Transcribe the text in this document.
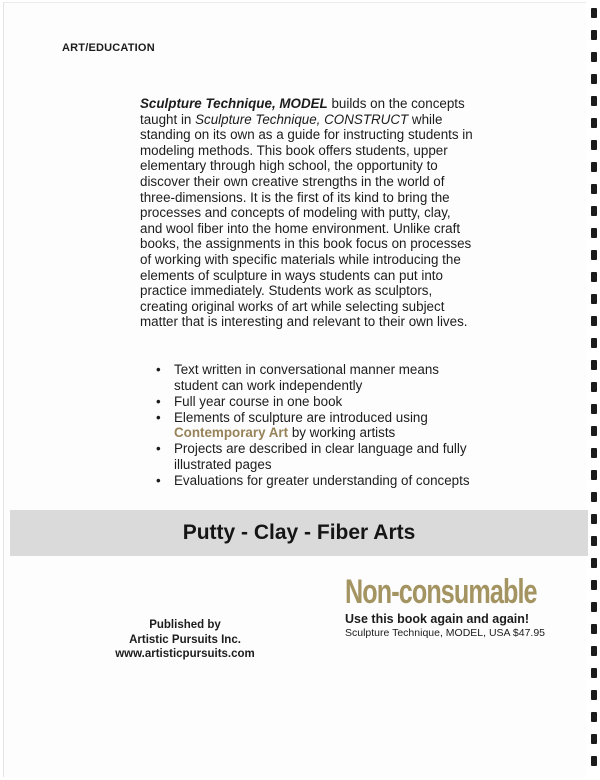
ART/EDUCATION

Sculpture Technique, MODEL builds on the concepts taught in Sculpture Technique, CONSTRUCT while standing on its own as a guide for instructing students in modeling methods. This book offers students, upper elementary through high school, the opportunity to discover their own creative strengths in the world of three-dimensions. It is the first of its kind to bring the processes and concepts of modeling with putty, clay, and wool fiber into the home environment. Unlike craft books, the assignments in this book focus on processes of working with specific materials while introducing the elements of sculpture in ways students can put into practice immediately. Students work as sculptors, creating original works of art while selecting subject matter that is interesting and relevant to their own lives.

• Text written in conversational manner means student can work independently
• Full year course in one book
• Elements of sculpture are introduced using Contemporary Art by working artists
• Projects are described in clear language and fully illustrated pages
• Evaluations for greater understanding of concepts
Putty - Clay - Fiber Arts
Published by
Artistic Pursuits Inc.
www.artisticpursuits.com
Non-consumable
Use this book again and again!
Sculpture Technique, MODEL, USA $47.95
